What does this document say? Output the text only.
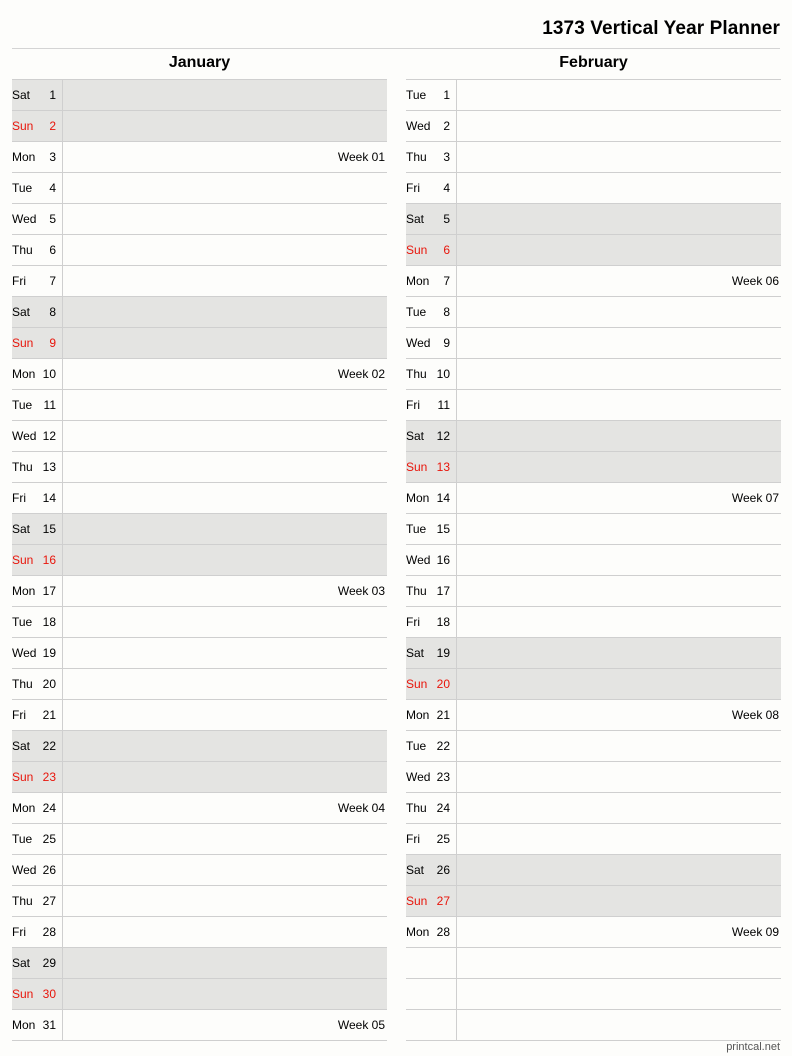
1373 Vertical Year Planner
January
Sat	1
Sun	2
Mon	3	Week 01
Tue	4
Wed	5
Thu	6
Fri	7
Sat	8
Sun	9
Mon 10	Week 02
Tue 11
Wed 12
Thu 13
Fri 14
Sat 15
Sun 16
Mon 17	Week 03
Tue 18
Wed 19
Thu 20
Fri 21
Sat 22
Sun 23
Mon 24	Week 04
Tue 25
Wed 26
Thu 27
Fri 28
Sat 29
Sun 30
Mon 31	Week 05
February
Tue	1
Wed	2
Thu	3
Fri	4
Sat	5
Sun	6
Mon	7	Week 06
Tue	8
Wed	9
Thu 10
Fri 11
Sat 12
Sun 13
Mon 14	Week 07
Tue 15
Wed 16
Thu 17
Fri 18
Sat 19
Sun 20
Mon 21	Week 08
Tue 22
Wed 23
Thu 24
Fri 25
Sat 26
Sun 27
Mon 28	Week 09
printcal.net
